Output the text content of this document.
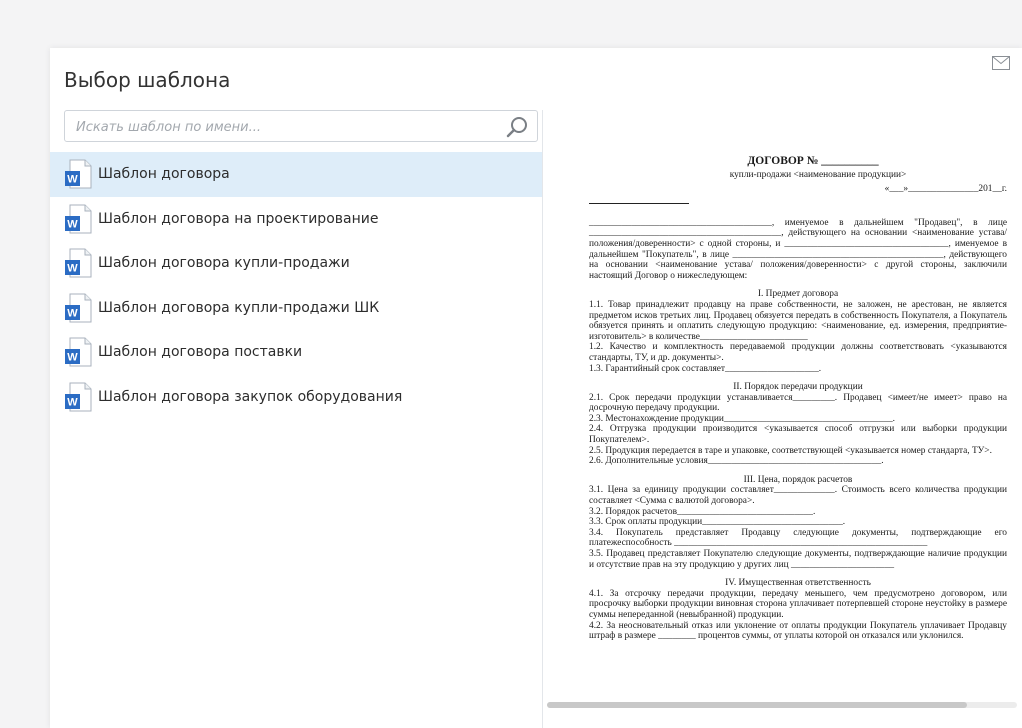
Выбор шаблона
Искать шаблон по имени...
W Шаблон договора
W Шаблон договора на проектирование
W Шаблон договора купли-продажи
W Шаблон договора купли-продажи ШК
W Шаблон договора поставки
W Шаблон договора закупок оборудования
ДОГОВОР № __________
купли-продажи <наименование продукции>
«___»_______________201__г.

_______________________________________, именуемое в дальнейшем "Продавец", в лице _________________________________________, действующего на основании <наименование устава/ положения/доверенности> с одной стороны, и ___________________________________, именуемое в дальнейшем "Покупатель", в лице _____________________________________________, действующего на основании <наименование устава/ положения/доверенности> с другой стороны, заключили настоящий Договор о нижеследующем:

I. Предмет договора

1.1. Товар принадлежит продавцу на праве собственности, не заложен, не арестован, не является предметом исков третьих лиц. Продавец обязуется передать в собственность Покупателя, а Покупатель обязуется принять и оплатить следующую продукцию: <наименование, ед. измерения, предприятие-изготовитель> в количестве_______________________

1.2. Качество и комплектность передаваемой продукции должны соответствовать <указываются стандарты, ТУ, и др. документы>.

1.3. Гарантийный срок составляет____________________.

II. Порядок передачи продукции

2.1. Срок передачи продукции устанавливается_________. Продавец <имеет/не имеет> право на досрочную передачу продукции.

2.3. Местонахождение продукции____________________________________.

2.4. Отгрузка продукции производится <указывается способ отгрузки или выборки продукции Покупателем>.

2.5. Продукция передается в таре и упаковке, соответствующей <указывается номер стандарта, ТУ>.

2.6. Дополнительные условия_____________________________________.

III. Цена, порядок расчетов

3.1. Цена за единицу продукции составляет_____________. Стоимость всего количества продукции составляет <Сумма с валютой договора>.

3.2. Порядок расчетов_____________________________.

3.3. Срок оплаты продукции______________________________.

3.4. Покупатель представляет Продавцу следующие документы, подтверждающие его платежеспособность ______________________________________________________

3.5. Продавец представляет Покупателю следующие документы, подтверждающие наличие продукции и отсутствие прав на эту продукцию у других лиц ______________________

IV. Имущественная ответственность

4.1. За отсрочку передачи продукции, передачу меньшего, чем предусмотрено договором, или просрочку выборки продукции виновная сторона уплачивает потерпевшей стороне неустойку в размере суммы непереданной (невыбранной) продукции.

4.2. За неосновательный отказ или уклонение от оплаты продукции Покупатель уплачивает Продавцу штраф в размере ________ процентов суммы, от уплаты которой он отказался или уклонился.
